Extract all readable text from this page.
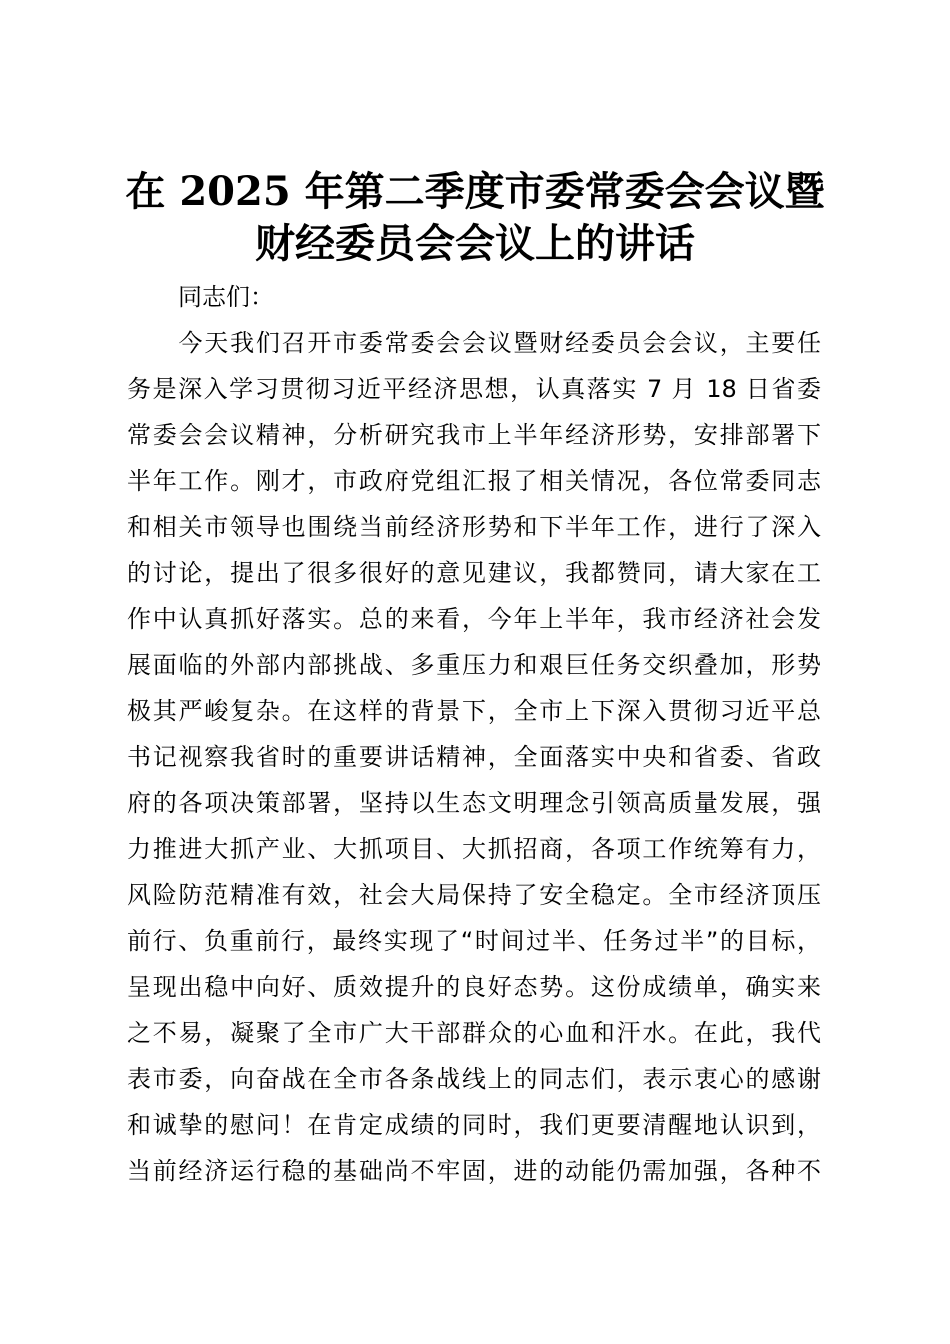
在 2025 年第二季度市委常委会会议暨
财经委员会会议上的讲话

同志们：

　　今天我们召开市委常委会会议暨财经委员会会议，主要任
务是深入学习贯彻习近平经济思想，认真落实 7 月 18 日省委
常委会会议精神，分析研究我市上半年经济形势，安排部署下
半年工作。刚才，市政府党组汇报了相关情况，各位常委同志
和相关市领导也围绕当前经济形势和下半年工作，进行了深入
的讨论，提出了很多很好的意见建议，我都赞同，请大家在工
作中认真抓好落实。总的来看，今年上半年，我市经济社会发
展面临的外部内部挑战、多重压力和艰巨任务交织叠加，形势
极其严峻复杂。在这样的背景下，全市上下深入贯彻习近平总
书记视察我省时的重要讲话精神，全面落实中央和省委、省政
府的各项决策部署，坚持以生态文明理念引领高质量发展，强
力推进大抓产业、大抓项目、大抓招商，各项工作统筹有力，
风险防范精准有效，社会大局保持了安全稳定。全市经济顶压
前行、负重前行，最终实现了“时间过半、任务过半”的目标，
呈现出稳中向好、质效提升的良好态势。这份成绩单，确实来
之不易，凝聚了全市广大干部群众的心血和汗水。在此，我代
表市委，向奋战在全市各条战线上的同志们，表示衷心的感谢
和诚挚的慰问！在肯定成绩的同时，我们更要清醒地认识到，
当前经济运行稳的基础尚不牢固，进的动能仍需加强，各种不
